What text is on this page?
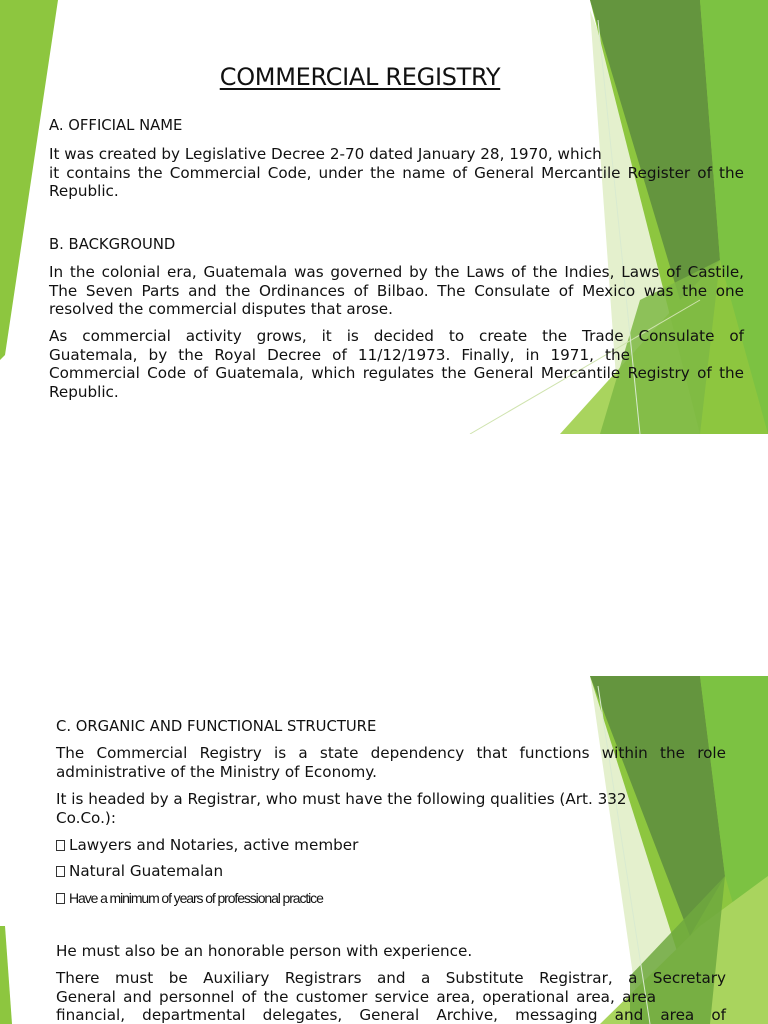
COMMERCIAL REGISTRY
A. OFFICIAL NAME
It was created by Legislative Decree 2-70 dated January 28, 1970, which
it contains the Commercial Code, under the name of General Mercantile Register of the
Republic.
B. BACKGROUND
In the colonial era, Guatemala was governed by the Laws of the Indies, Laws of Castile,
The Seven Parts and the Ordinances of Bilbao. The Consulate of Mexico was the one
resolved the commercial disputes that arose.
As commercial activity grows, it is decided to create the Trade Consulate of
Guatemala, by the Royal Decree of 11/12/1973. Finally, in 1971, the
Commercial Code of Guatemala, which regulates the General Mercantile Registry of the
Republic.
C. ORGANIC AND FUNCTIONAL STRUCTURE
The Commercial Registry is a state dependency that functions within the role
administrative of the Ministry of Economy.
It is headed by a Registrar, who must have the following qualities (Art. 332
Co.Co.):
Lawyers and Notaries, active member
Natural Guatemalan
Have a minimum of years of professional practice
He must also be an honorable person with experience.
There must be Auxiliary Registrars and a Substitute Registrar, a Secretary
General and personnel of the customer service area, operational area, area
financial, departmental delegates, General Archive, messaging and area of
